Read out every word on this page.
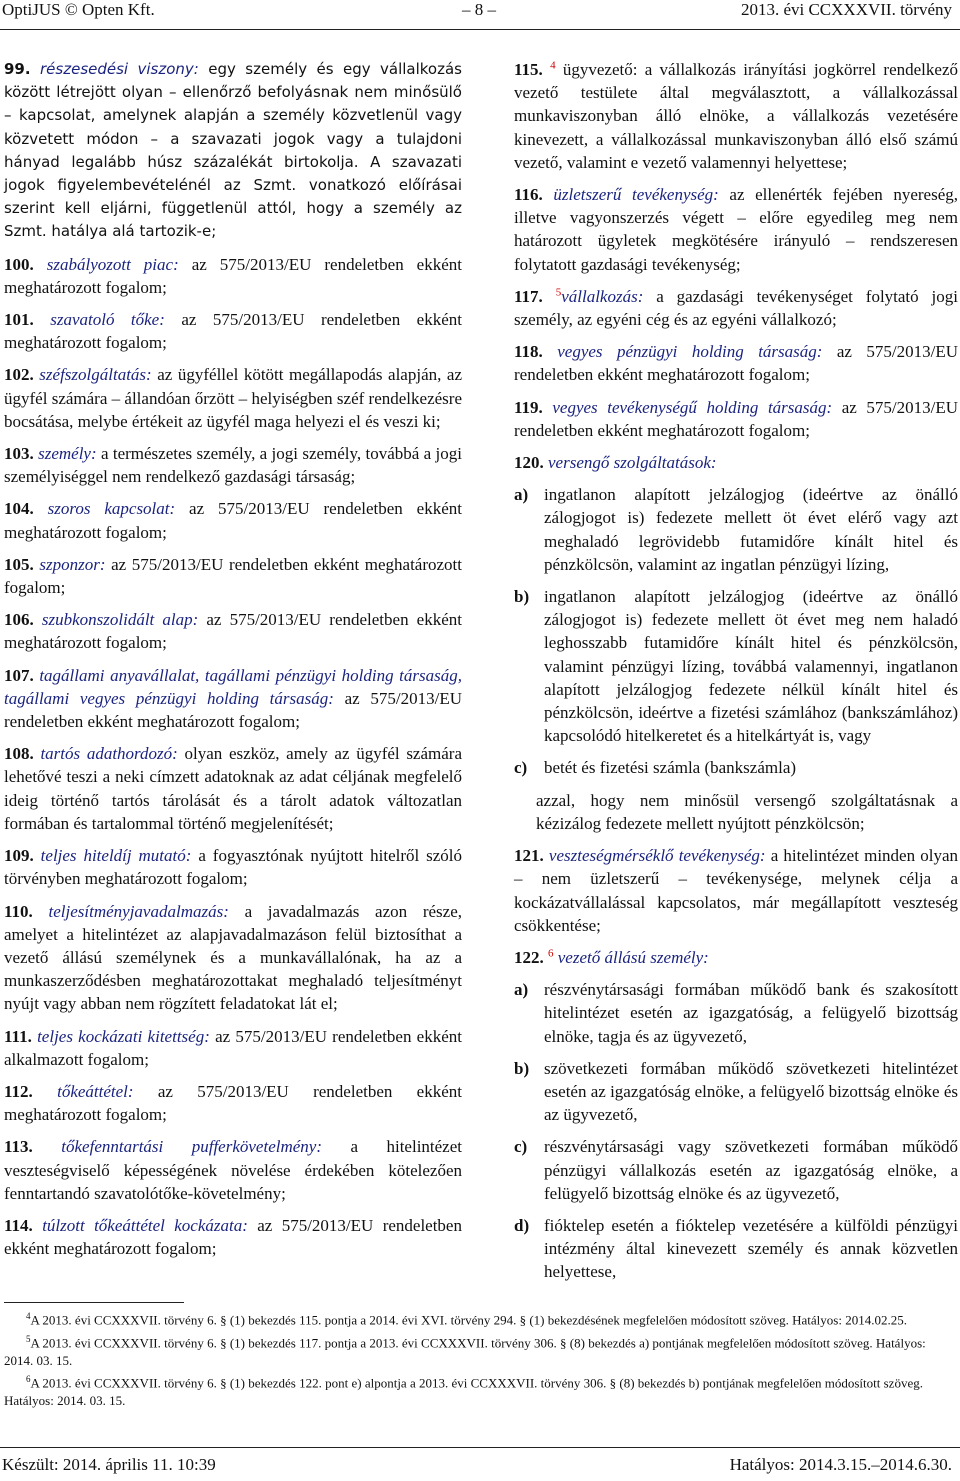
OptiJUS © Opten Kft.	– 8 –	2013. évi CCXXXVII. törvény
99. részesedési viszony: egy személy és egy vállalkozás között létrejött olyan – ellenőrző befolyásnak nem minősülő – kapcsolat, amelynek alapján a személy közvetlenül vagy közvetett módon – a szavazati jogok vagy a tulajdoni hányad legalább húsz százalékát birtokolja. A szavazati jogok figyelembevételénél az Szmt. vonatkozó előírásai szerint kell eljárni, függetlenül attól, hogy a személy az Szmt. hatálya alá tartozik-e;
100. szabályozott piac: az 575/2013/EU rendeletben ekként meghatározott fogalom;
101. szavatoló tőke: az 575/2013/EU rendeletben ekként meghatározott fogalom;
102. széfszolgáltatás: az ügyféllel kötött megállapodás alapján, az ügyfél számára – állandóan őrzött – helyiségben széf rendelkezésre bocsátása, melybe értékeit az ügyfél maga helyezi el és veszi ki;
103. személy: a természetes személy, a jogi személy, továbbá a jogi személyiséggel nem rendelkező gazdasági társaság;
104. szoros kapcsolat: az 575/2013/EU rendeletben ekként meghatározott fogalom;
105. szponzor: az 575/2013/EU rendeletben ekként meghatározott fogalom;
106. szubkonszolidált alap: az 575/2013/EU rendeletben ekként meghatározott fogalom;
107. tagállami anyavállalat, tagállami pénzügyi holding társaság, tagállami vegyes pénzügyi holding társaság: az 575/2013/EU rendeletben ekként meghatározott fogalom;
108. tartós adathordozó: olyan eszköz, amely az ügyfél számára lehetővé teszi a neki címzett adatoknak az adat céljának megfelelő ideig történő tartós tárolását és a tárolt adatok változatlan formában és tartalommal történő megjelenítését;
109. teljes hiteldíj mutató: a fogyasztónak nyújtott hitelről szóló törvényben meghatározott fogalom;
110. teljesítményjavadalmazás: a javadalmazás azon része, amelyet a hitelintézet az alapjavadalmazáson felül biztosíthat a vezető állású személynek és a munkavállalónak, ha az a munkaszerződésben meghatározottakat meghaladó teljesítményt nyújt vagy abban nem rögzített feladatokat lát el;
111. teljes kockázati kitettség: az 575/2013/EU rendeletben ekként alkalmazott fogalom;
112. tőkeáttétel: az 575/2013/EU rendeletben ekként meghatározott fogalom;
113. tőkefenntartási pufferkövetelmény: a hitelintézet veszteségviselő képességének növelése érdekében kötelezően fenntartandó szavatolótőke-követelmény;
114. túlzott tőkeáttétel kockázata: az 575/2013/EU rendeletben ekként meghatározott fogalom;
115. $^4$ ügyvezető: a vállalkozás irányítási jogkörrel rendelkező vezető testülete által megválasztott, a vállalkozással munkaviszonyban álló elnöke, a vállalkozás vezetésére kinevezett, a vállalkozással munkaviszonyban álló első számú vezető, valamint e vezető valamennyi helyettese;
116. üzletszerű tevékenység: az ellenérték fejében nyereség, illetve vagyonszerzés végett – előre egyedileg meg nem határozott ügyletek megkötésére irányuló – rendszeresen folytatott gazdasági tevékenység;
117. $^5$vállalkozás: a gazdasági tevékenységet folytató jogi személy, az egyéni cég és az egyéni vállalkozó;
118. vegyes pénzügyi holding társaság: az 575/2013/EU rendeletben ekként meghatározott fogalom;
119. vegyes tevékenységű holding társaság: az 575/2013/EU rendeletben ekként meghatározott fogalom;
120. versengő szolgáltatások:
a) ingatlanon alapított jelzálogjog (ideértve az önálló zálogjogot is) fedezete mellett öt évet elérő vagy azt meghaladó legrövidebb futamidőre kínált hitel és pénzkölcsön, valamint az ingatlan pénzügyi lízing,
b) ingatlanon alapított jelzálogjog (ideértve az önálló zálogjogot is) fedezete mellett öt évet meg nem haladó leghosszabb futamidőre kínált hitel és pénzkölcsön, valamint pénzügyi lízing, továbbá valamennyi, ingatlanon alapított jelzálogjog fedezete nélkül kínált hitel és pénzkölcsön, ideértve a fizetési számlához (bankszámlához) kapcsolódó hitelkeretet és a hitelkártyát is, vagy
c) betét és fizetési számla (bankszámla)
azzal, hogy nem minősül versengő szolgáltatásnak a kézizálog fedezete mellett nyújtott pénzkölcsön;
121. veszteségmérséklő tevékenység: a hitelintézet minden olyan – nem üzletszerű – tevékenysége, melynek célja a kockázatvállalással kapcsolatos, már megállapított veszteség csökkentése;
122. $^6$ vezető állású személy:
a) részvénytársasági formában működő bank és szakosított hitelintézet esetén az igazgatóság, a felügyelő bizottság elnöke, tagja és az ügyvezető,
b) szövetkezeti formában működő szövetkezeti hitelintézet esetén az igazgatóság elnöke, a felügyelő bizottság elnöke és az ügyvezető,
c) részvénytársasági vagy szövetkezeti formában működő pénzügyi vállalkozás esetén az igazgatóság elnöke, a felügyelő bizottság elnöke és az ügyvezető,
d) fióktelep esetén a fióktelep vezetésére a külföldi pénzügyi intézmény által kinevezett személy és annak közvetlen helyettese,

$^4$A 2013. évi CCXXXVII. törvény 6. § (1) bekezdés 115. pontja a 2014. évi XVI. törvény 294. § (1) bekezdésének megfelelően módosított szöveg. Hatályos: 2014.02.25.

$^5$A 2013. évi CCXXXVII. törvény 6. § (1) bekezdés 117. pontja a 2013. évi CCXXXVII. törvény 306. § (8) bekezdés a) pontjának megfelelően módosított szöveg. Hatályos: 2014. 03. 15.

$^6$A 2013. évi CCXXXVII. törvény 6. § (1) bekezdés 122. pont e) alpontja a 2013. évi CCXXXVII. törvény 306. § (8) bekezdés b) pontjának megfelelően módosított szöveg. Hatályos: 2014. 03. 15.

Készült: 2014. április 11. 10:39	Hatályos: 2014.3.15.–2014.6.30.
